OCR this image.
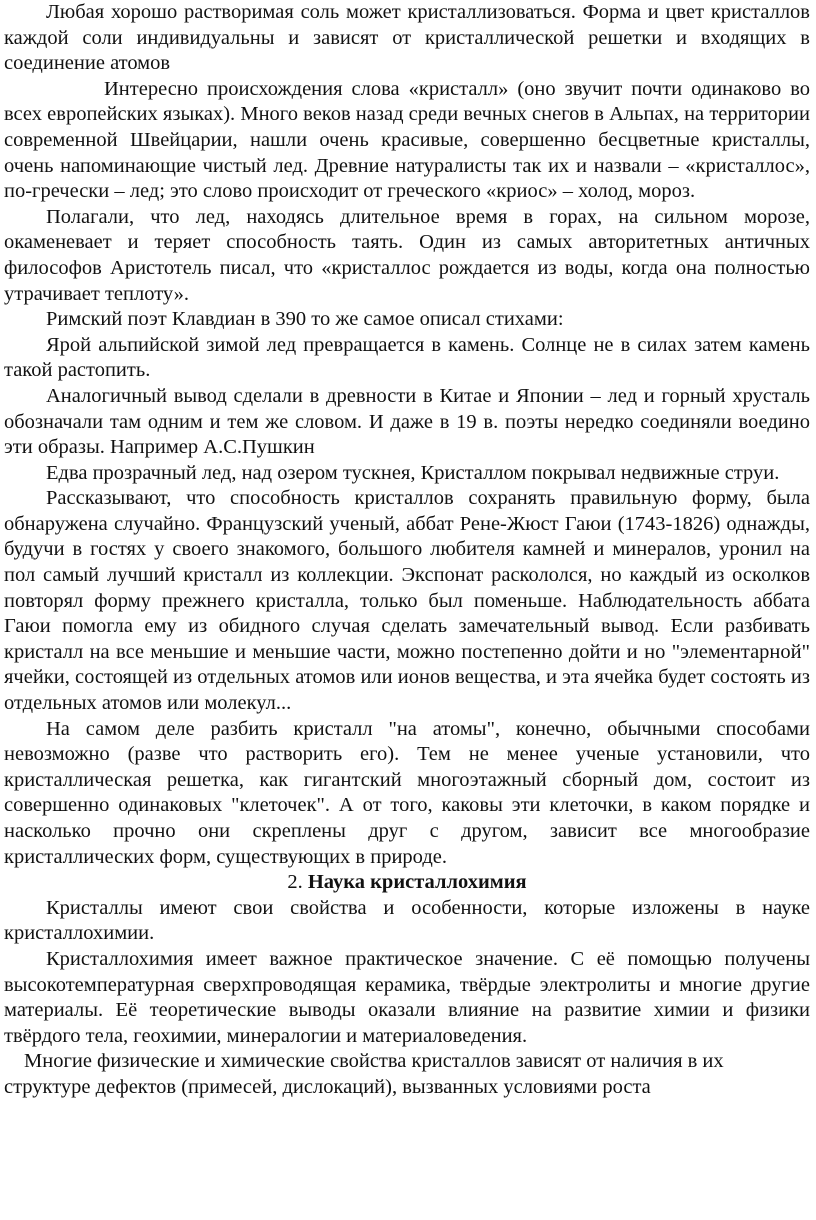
Любая хорошо растворимая соль может кристаллизоваться. Форма и цвет кристаллов каждой соли индивидуальны и зависят от кристаллической решетки и входящих в соединение атомов

Интересно происхождения слова «кристалл» (оно звучит почти одинаково во всех европейских языках). Много веков назад среди вечных снегов в Альпах, на территории современной Швейцарии, нашли очень красивые, совершенно бесцветные кристаллы, очень напоминающие чистый лед. Древние натуралисты так их и назвали – «кристаллос», по-гречески – лед; это слово происходит от греческого «криос» – холод, мороз.

Полагали, что лед, находясь длительное время в горах, на сильном морозе, окаменевает и теряет способность таять. Один из самых авторитетных античных философов Аристотель писал, что «кристаллос рождается из воды, когда она полностью утрачивает теплоту».

Римский поэт Клавдиан в 390 то же самое описал стихами:

Ярой альпийской зимой лед превращается в камень. Солнце не в силах затем камень такой растопить.

Аналогичный вывод сделали в древности в Китае и Японии – лед и горный хрусталь обозначали там одним и тем же словом. И даже в 19 в. поэты нередко соединяли воедино эти образы. Например А.С.Пушкин

Едва прозрачный лед, над озером тускнея, Кристаллом покрывал недвижные струи.

Рассказывают, что способность кристаллов сохранять правильную форму, была обнаружена случайно. Французский ученый, аббат Рене-Жюст Гаюи (1743-1826) однажды, будучи в гостях у своего знакомого, большого любителя камней и минералов, уронил на пол самый лучший кристалл из коллекции. Экспонат раскололся, но каждый из осколков повторял форму прежнего кристалла, только был поменьше. Наблюдательность аббата Гаюи помогла ему из обидного случая сделать замечательный вывод. Если разбивать кристалл на все меньшие и меньшие части, можно постепенно дойти и но "элементарной" ячейки, состоящей из отдельных атомов или ионов вещества, и эта ячейка будет состоять из отдельных атомов или молекул...

На самом деле разбить кристалл "на атомы", конечно, обычными способами невозможно (разве что растворить его). Тем не менее ученые установили, что кристаллическая решетка, как гигантский многоэтажный сборный дом, состоит из совершенно одинаковых "клеточек". А от того, каковы эти клеточки, в каком порядке и насколько прочно они скреплены друг с другом, зависит все многообразие кристаллических форм, существующих в природе.

2. Наука кристаллохимия

Кристаллы имеют свои свойства и особенности, которые изложены в науке кристаллохимии.

Кристаллохимия имеет важное практическое значение. С её помощью получены высокотемпературная сверхпроводящая керамика, твёрдые электролиты и многие другие материалы. Её теоретические выводы оказали влияние на развитие химии и физики твёрдого тела, геохимии, минералогии и материаловедения.

Многие физические и химические свойства кристаллов зависят от наличия в их структуре дефектов (примесей, дислокаций), вызванных условиями роста
